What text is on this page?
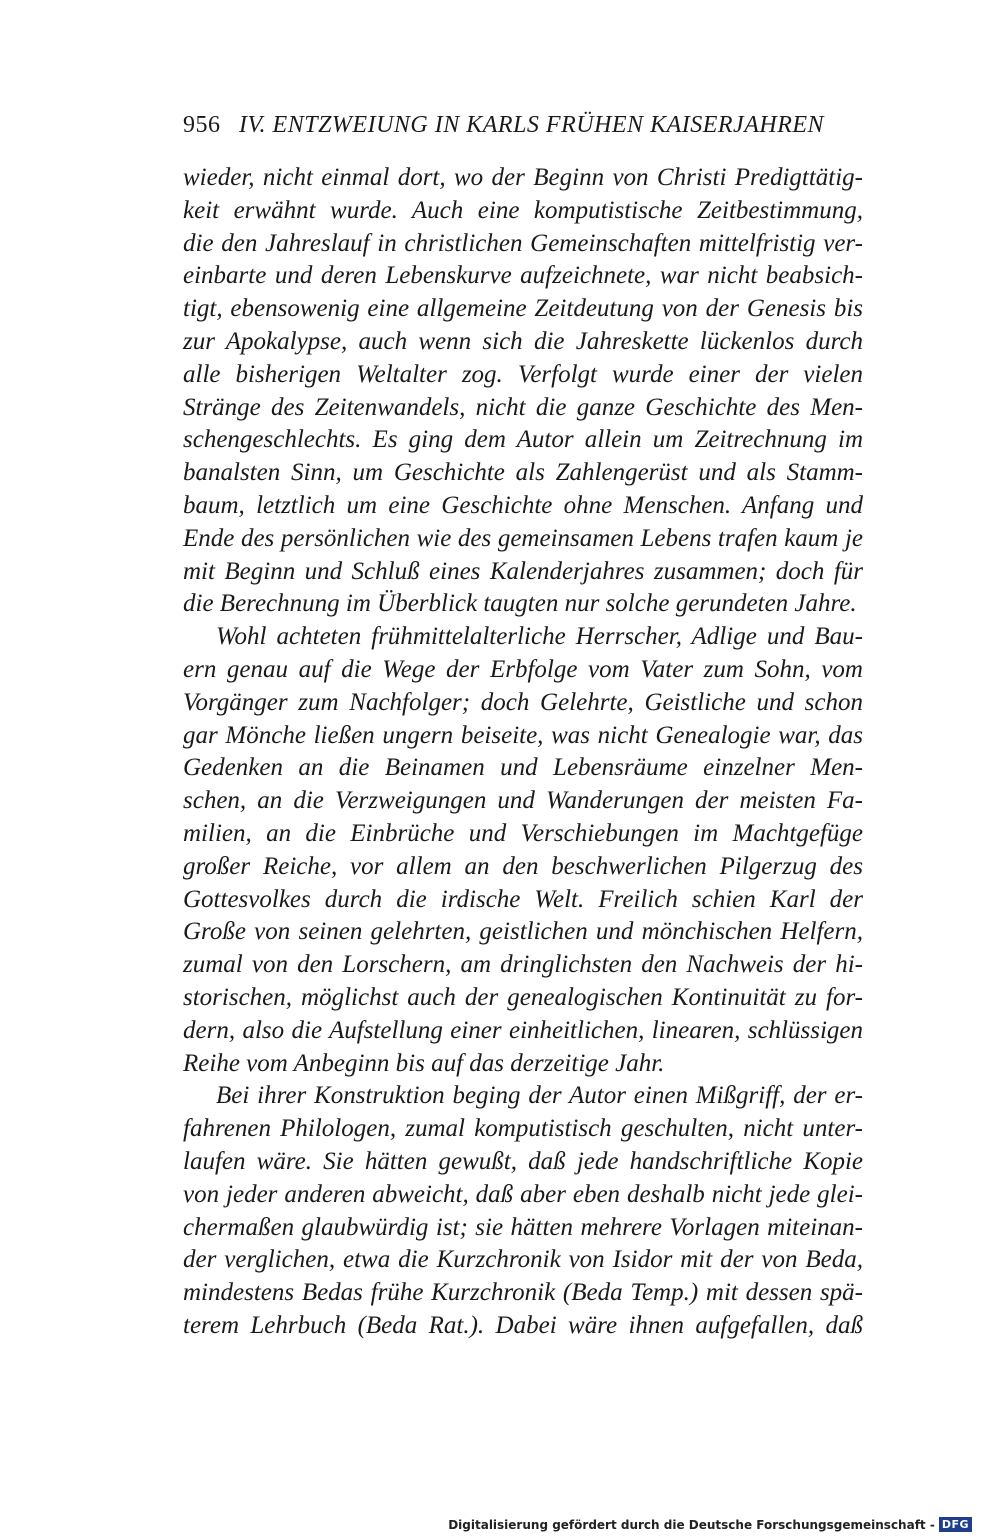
956 IV. ENTZWEIUNG IN KARLS FRÜHEN KAISERJAHREN
wieder, nicht einmal dort, wo der Beginn von Christi Predigttätig-
keit erwähnt wurde. Auch eine komputistische Zeitbestimmung,
die den Jahreslauf in christlichen Gemeinschaften mittelfristig ver-
einbarte und deren Lebenskurve aufzeichnete, war nicht beabsich-
tigt, ebensowenig eine allgemeine Zeitdeutung von der Genesis bis
zur Apokalypse, auch wenn sich die Jahreskette lückenlos durch
alle bisherigen Weltalter zog. Verfolgt wurde einer der vielen
Stränge des Zeitenwandels, nicht die ganze Geschichte des Men-
schengeschlechts. Es ging dem Autor allein um Zeitrechnung im
banalsten Sinn, um Geschichte als Zahlengerüst und als Stamm-
baum, letztlich um eine Geschichte ohne Menschen. Anfang und
Ende des persönlichen wie des gemeinsamen Lebens trafen kaum je
mit Beginn und Schluß eines Kalenderjahres zusammen; doch für
die Berechnung im Überblick taugten nur solche gerundeten Jahre.
Wohl achteten frühmittelalterliche Herrscher, Adlige und Bau-
ern genau auf die Wege der Erbfolge vom Vater zum Sohn, vom
Vorgänger zum Nachfolger; doch Gelehrte, Geistliche und schon
gar Mönche ließen ungern beiseite, was nicht Genealogie war, das
Gedenken an die Beinamen und Lebensräume einzelner Men-
schen, an die Verzweigungen und Wanderungen der meisten Fa-
milien, an die Einbrüche und Verschiebungen im Machtgefüge
großer Reiche, vor allem an den beschwerlichen Pilgerzug des
Gottesvolkes durch die irdische Welt. Freilich schien Karl der
Große von seinen gelehrten, geistlichen und mönchischen Helfern,
zumal von den Lorschern, am dringlichsten den Nachweis der hi-
storischen, möglichst auch der genealogischen Kontinuität zu for-
dern, also die Aufstellung einer einheitlichen, linearen, schlüssigen
Reihe vom Anbeginn bis auf das derzeitige Jahr.
Bei ihrer Konstruktion beging der Autor einen Mißgriff, der er-
fahrenen Philologen, zumal komputistisch geschulten, nicht unter-
laufen wäre. Sie hätten gewußt, daß jede handschriftliche Kopie
von jeder anderen abweicht, daß aber eben deshalb nicht jede glei-
chermaßen glaubwürdig ist; sie hätten mehrere Vorlagen miteinan-
der verglichen, etwa die Kurzchronik von Isidor mit der von Beda,
mindestens Bedas frühe Kurzchronik (Beda Temp.) mit dessen spä-
terem Lehrbuch (Beda Rat.). Dabei wäre ihnen aufgefallen, daß
Digitalisierung gefördert durch die Deutsche Forschungsgemeinschaft - DFG
